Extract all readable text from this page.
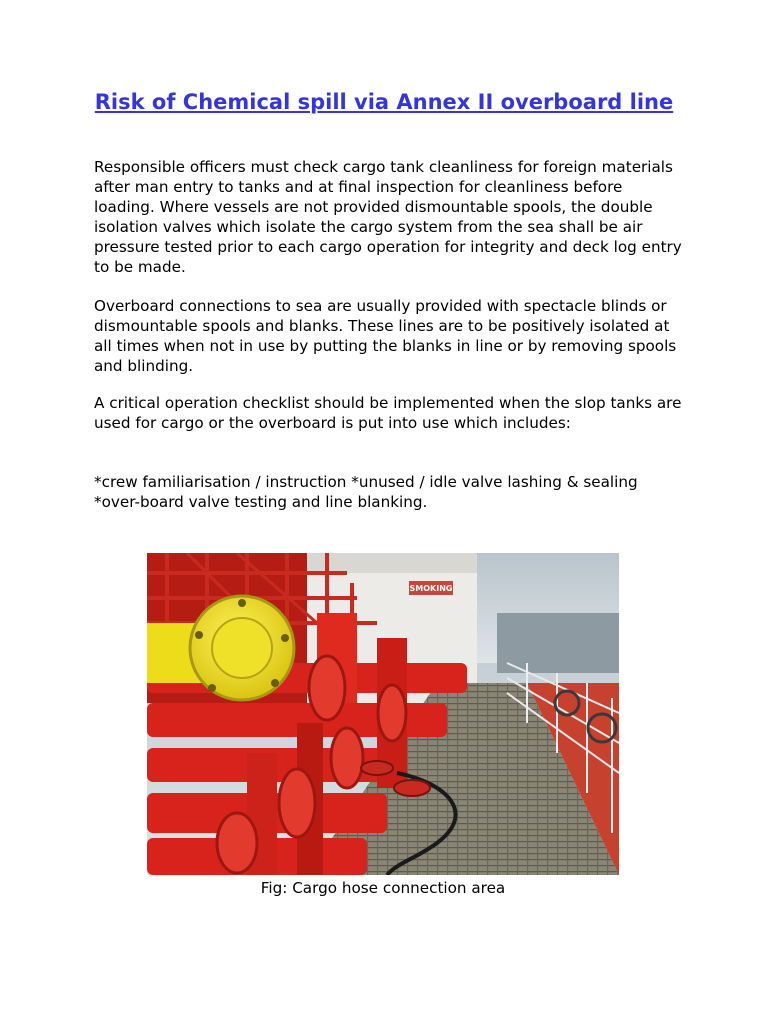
Risk of Chemical spill via Annex II overboard line

Responsible officers must check cargo tank cleanliness for foreign materials after man entry to tanks and at final inspection for cleanliness before loading. Where vessels are not provided dismountable spools, the double isolation valves which isolate the cargo system from the sea shall be air pressure tested prior to each cargo operation for integrity and deck log entry to be made.

Overboard connections to sea are usually provided with spectacle blinds or dismountable spools and blanks. These lines are to be positively isolated at all times when not in use by putting the blanks in line or by removing spools and blinding.

A critical operation checklist should be implemented when the slop tanks are used for cargo or the overboard is put into use which includes:

*crew familiarisation / instruction *unused / idle valve lashing & sealing *over-board valve testing and line blanking.

SMOKING

Fig: Cargo hose connection area
